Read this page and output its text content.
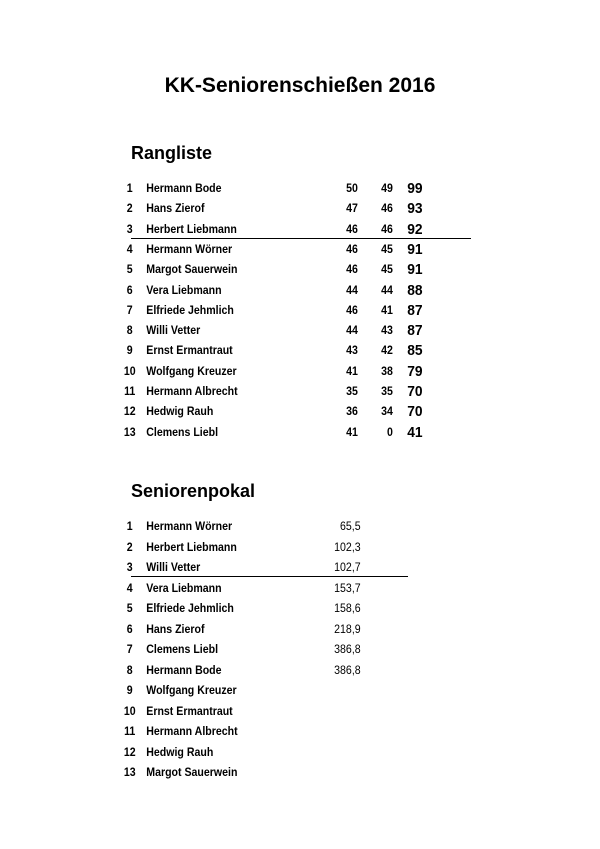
KK-Seniorenschießen 2016
Rangliste
1	Hermann Bode	50	49 99
2	Hans Zierof	47	46 93
3	Herbert Liebmann	46	46 92
4	Hermann Wörner	46	45 91
5	Margot Sauerwein	46	45 91
6	Vera Liebmann	44	44 88
7	Elfriede Jehmlich	46	41 87
8	Willi Vetter	44	43 87
9	Ernst Ermantraut	43	42 85
10 Wolfgang Kreuzer	41	38 79
11 Hermann Albrecht	35	35 70
12 Hedwig Rauh	36	34 70
13 Clemens Liebl	41	0 41
Seniorenpokal
1	Hermann Wörner	65,5
2	Herbert Liebmann	102,3
3	Willi Vetter	102,7
4	Vera Liebmann	153,7
5	Elfriede Jehmlich	158,6
6	Hans Zierof	218,9
7	Clemens Liebl	386,8
8	Hermann Bode	386,8
9	Wolfgang Kreuzer
10 Ernst Ermantraut
11 Hermann Albrecht
12 Hedwig Rauh
13 Margot Sauerwein
